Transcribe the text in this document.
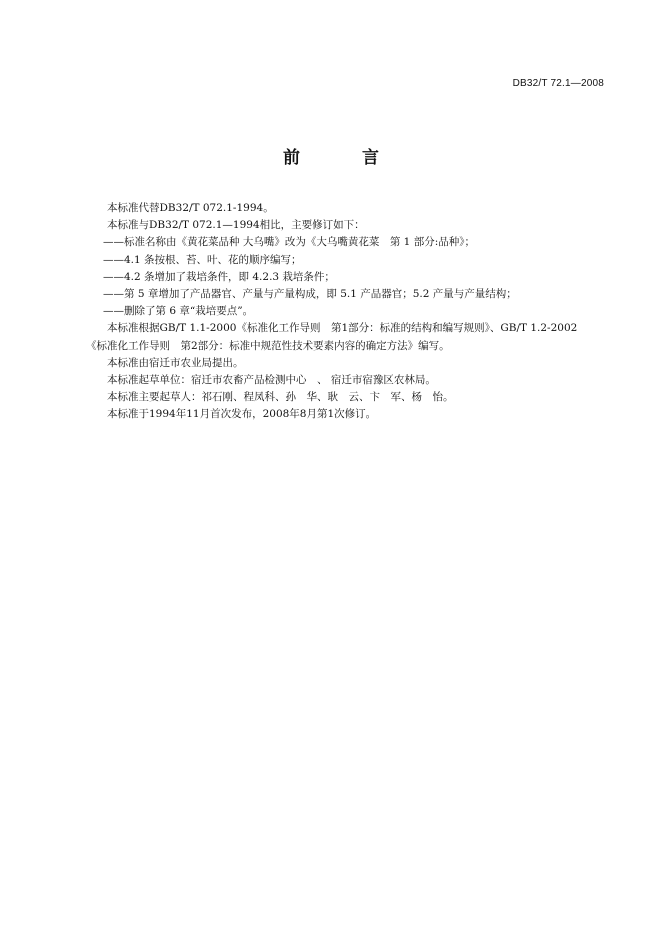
DB32/T 72.1—2008
前 言

本标准代替DB32/T 072.1-1994。

本标准与DB32/T 072.1—1994相比，主要修订如下：

——标准名称由《黄花菜品种 大乌嘴》改为《大乌嘴黄花菜　第 1 部分:品种》；

——4.1 条按根、苔、叶、花的顺序编写；

——4.2 条增加了栽培条件，即 4.2.3 栽培条件；

——第 5 章增加了产品器官、产量与产量构成，即 5.1 产品器官；5.2 产量与产量结构；

——删除了第 6 章“栽培要点”。

本标准根据GB/T 1.1-2000《标准化工作导则　第1部分：标准的结构和编写规则》、GB/T 1.2-2002

《标准化工作导则　第2部分：标准中规范性技术要素内容的确定方法》编写。

本标准由宿迁市农业局提出。

本标准起草单位：宿迁市农畜产品检测中心　、 宿迁市宿豫区农林局。

本标准主要起草人：祁石刚、程凤科、孙　华、耿　云、卞　军、杨　怡。

本标准于1994年11月首次发布，2008年8月第1次修订。
